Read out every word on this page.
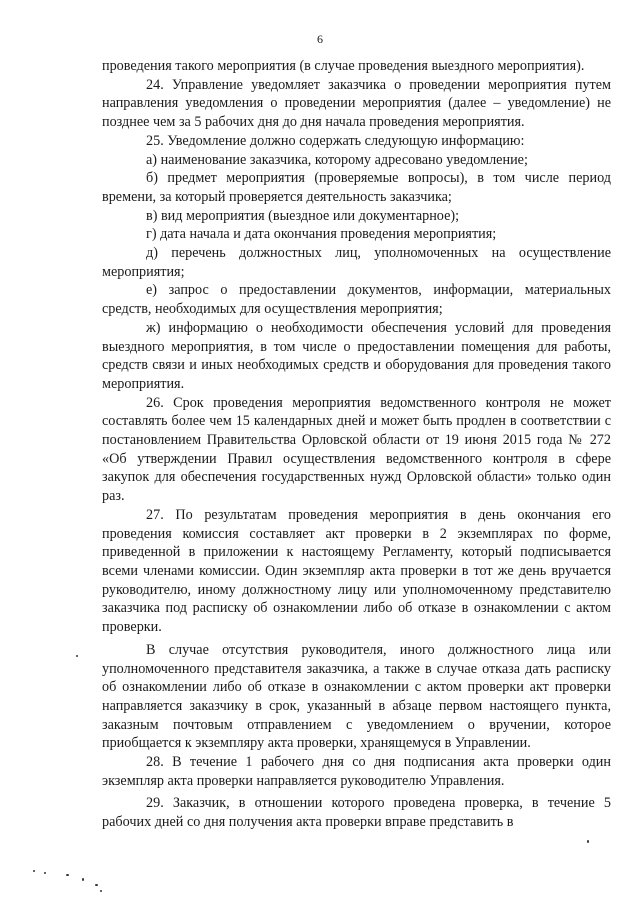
6

проведения такого мероприятия (в случае проведения выездного мероприятия).

24. Управление уведомляет заказчика о проведении мероприятия путем направления уведомления о проведении мероприятия (далее – уведомление) не позднее чем за 5 рабочих дня до дня начала проведения мероприятия.

25. Уведомление должно содержать следующую информацию:

а) наименование заказчика, которому адресовано уведомление;

б) предмет мероприятия (проверяемые вопросы), в том числе период времени, за который проверяется деятельность заказчика;

в) вид мероприятия (выездное или документарное);

г) дата начала и дата окончания проведения мероприятия;

д) перечень должностных лиц, уполномоченных на осуществление мероприятия;

е) запрос о предоставлении документов, информации, материальных средств, необходимых для осуществления мероприятия;

ж) информацию о необходимости обеспечения условий для проведения выездного мероприятия, в том числе о предоставлении помещения для работы, средств связи и иных необходимых средств и оборудования для проведения такого мероприятия.

26. Срок проведения мероприятия ведомственного контроля не может составлять более чем 15 календарных дней и может быть продлен в соответствии с постановлением Правительства Орловской области от 19 июня 2015 года № 272 «Об утверждении Правил осуществления ведомственного контроля в сфере закупок для обеспечения государственных нужд Орловской области» только один раз.

27. По результатам проведения мероприятия в день окончания его проведения комиссия составляет акт проверки в 2 экземплярах по форме, приведенной в приложении к настоящему Регламенту, который подписывается всеми членами комиссии. Один экземпляр акта проверки в тот же день вручается руководителю, иному должностному лицу или уполномоченному представителю заказчика под расписку об ознакомлении либо об отказе в ознакомлении с актом проверки.

В случае отсутствия руководителя, иного должностного лица или уполномоченного представителя заказчика, а также в случае отказа дать расписку об ознакомлении либо об отказе в ознакомлении с актом проверки акт проверки направляется заказчику в срок, указанный в абзаце первом настоящего пункта, заказным почтовым отправлением с уведомлением о вручении, которое приобщается к экземпляру акта проверки, хранящемуся в Управлении.

28. В течение 1 рабочего дня со дня подписания акта проверки один экземпляр акта проверки направляется руководителю Управления.

29. Заказчик, в отношении которого проведена проверка, в течение 5 рабочих дней со дня получения акта проверки вправе представить в
